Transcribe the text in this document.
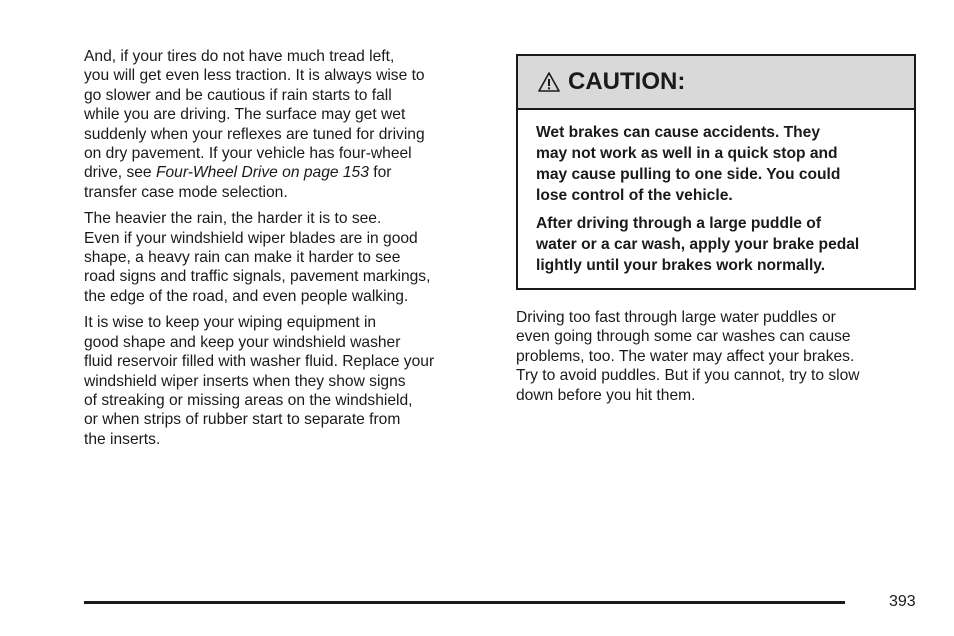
And, if your tires do not have much tread left,
you will get even less traction. It is always wise to
go slower and be cautious if rain starts to fall
while you are driving. The surface may get wet
suddenly when your reflexes are tuned for driving
on dry pavement. If your vehicle has four-wheel
drive, see Four-Wheel Drive on page 153 for
transfer case mode selection.

The heavier the rain, the harder it is to see.
Even if your windshield wiper blades are in good
shape, a heavy rain can make it harder to see
road signs and traffic signals, pavement markings,
the edge of the road, and even people walking.

It is wise to keep your wiping equipment in
good shape and keep your windshield washer
fluid reservoir filled with washer fluid. Replace your
windshield wiper inserts when they show signs
of streaking or missing areas on the windshield,
or when strips of rubber start to separate from
the inserts.

CAUTION:

Wet brakes can cause accidents. They
may not work as well in a quick stop and
may cause pulling to one side. You could
lose control of the vehicle.

After driving through a large puddle of
water or a car wash, apply your brake pedal
lightly until your brakes work normally.

Driving too fast through large water puddles or
even going through some car washes can cause
problems, too. The water may affect your brakes.
Try to avoid puddles. But if you cannot, try to slow
down before you hit them.
393
